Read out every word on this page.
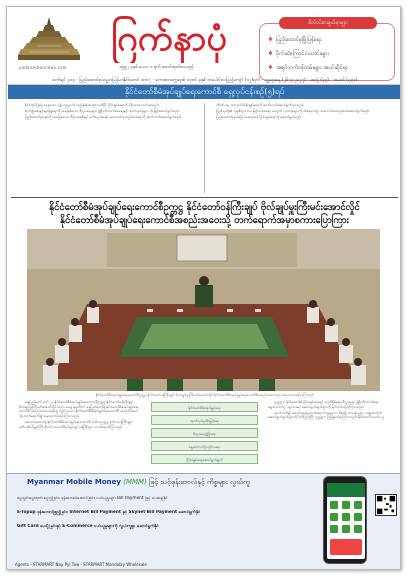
yadanarbonnews.com
ဂြက်နာပုံ
၁၉၉၂ ခုနှစ် မေလ ၁ ရက် စတင်ထုတ်ဝေသည်
စိတ်ဝင်စားဖွယ်ရာများ
❖ ပြည်ထောင်စုမြို့ပြန်ရေး
❖ ပိုက်ဆံကြောင်းသတင်းများ
❖ အရပ်ဘက်ဝန်ထမ်းများ အပင်ဆိုင်ရာ
သင်္ကရင် ၃၁၃ · ပြည်ထောင်စုသမ္မတမြန်မာနိုင်ငံတော် ၁၈၈၇ · ကောဇာသက္ကရာဇ် ၁၃၈၆ ခုနှစ် တပေါင်းလပြည့်ကျော် (၁၂)ရက် · ဗုဒ္ဓဟူးနေ့ (၂၆-၃-၂၀၂၅) · အတွဲ (၃၃) · အမှတ် (၃၃၀)
နိုင်ငံတော်စီမံအုပ်ချုပ်ရေးကောင်စီ ရှေ့လုပ်ငန်းစဉ်(၅)ရပ်

နိုင်ငံတွင်ဖြစ်ပွားနေသော ပဋိပက္ခများကို အမြန်ဆုံးအဆုံးသတ်ပြီး ငြိမ်းချမ်းရေးကို ပိုမိုအားကောင်းစေမည်။

စိုက်ပျိုးရေးနှင့်မွေးမြူရေးကို အခြေခံသော စီးပွားရေးများ ဖွံ့ဖြိုးတိုးတက်စေရေးနှင့် ထုတ်လုပ်မှုများ တိုးမြှင့်ဆောင်ရွက်မည်။

ပြည်ထောင်စုစနစ်ကို အခြေခံသော ဒီမိုကရေစီနှင့် ဖက်ဒရယ်စနစ် အကောင်အထည်ဖော်ရေးကို ဆက်လက်ဆောင်ရွက်မည်။

ကိုဗစ်-၁၉ ကာကွယ်ထိန်းချုပ်ရေးကို ဆက်လက်ဆောင်ရွက်သွားမည်။

ပြည်သူတို့၏ လူမှုစီးပွားဘဝ မြင့်မားစေရေး အတွက် လုပ်ငန်းများကို ထိရောက်စွာ အကောင်အထည်ဖော်ဆောင်ရွက်မည်။

ပြည်ထောင်စုနယ်မြေ အဆင့်ဆင့် ငြိမ်းချမ်းရေးကို ဆောင်ရွက်မည်။

နိုင်ငံတော်စီမံအုပ်ချုပ်ရေးကောင်စီဥက္ကဋ္ဌ နိုင်ငံတော်ဝန်ကြီးချုပ် ဗိုလ်ချုပ်မှူးကြီးမင်းအောင်လှိုင်
နိုင်ငံတော်စီမံအုပ်ချုပ်ရေးကောင်စီအစည်းအဝေးသို့ တက်ရောက်အမှာစကားပြောကြား
နိုင်ငံတော်စီမံအုပ်ချုပ်ရေးကောင်စီဥက္ကဋ္ဌ နိုင်ငံတော်ဝန်ကြီးချုပ် ဗိုလ်ချုပ်မှူးကြီးမင်းအောင်လှိုင် နိုင်ငံတော်စီမံအုပ်ချုပ်ရေးကောင်စီအစည်းအဝေးတွင် အမှာစကားပြောကြားစဉ်

နေပြည်တော် မတ် ၂၅ နိုင်ငံတော်စီမံအုပ်ချုပ်ရေးကောင်စီဥက္ကဋ္ဌ နိုင်ငံတော်ဝန်ကြီးချုပ် ဗိုလ်ချုပ်မှူးကြီးမင်းအောင်လှိုင်သည် ယနေ့ နံနက်ပိုင်း နေပြည်တော်ရှိ နိုင်ငံတော်စီမံအုပ်ချုပ်ရေးကောင်စီ အစည်းအဝေးခန်းမ၌ ကျင်းပသော နိုင်ငံတော်စီမံအုပ်ချုပ်ရေးကောင်စီ အစည်းအဝေးသို့ တက်ရောက်၍ အမှာစကားပြောကြားသည်။

အစည်းအဝေးသို့ နိုင်ငံတော်စီမံအုပ်ချုပ်ရေးကောင်စီ ဒုတိယဥက္ကဋ္ဌ ဒုတိယဝန်ကြီးချုပ် ဒုတိယဗိုလ်ချုပ်ကြီး စိုးဝင်း၊ ကောင်စီဝင်များနှင့် ဝန်ကြီးများ တက်ရောက်ကြသည်။

နိုင်ငံတော်စီမံအုပ်ချုပ်ရေး
ထုတ်လုပ်မှုတိုးမြှင့်ရေး
စီးပွားရေးဖွံ့ဖြိုးရေး
ရွေးကောက်ပွဲကျင်းပရေး
ငြိမ်းချမ်းရေးဆောင်ရွက်ချက်

ဥက္ကဋ္ဌက နိုင်ငံတော်၏ ငြိမ်းချမ်းရေးနှင့် တည်ငြိမ်ရေး၊ စီးပွားရေး ဖွံ့ဖြိုးတိုးတက်ရေး၊ ရွေးကောက်ပွဲ ကျင်းပရေး ဆောင်ရွက်ချက်များကို ရှင်းလင်းပြောကြားသည်။

ဆက်လက်၍ အစည်းအဝေးတက်ရောက်သူများက မိမိတို့ တာဝန်ယူရာ ကဏ္ဍအလိုက် ဆောင်ရွက်ချက်များကို တင်ပြကြပြီး ဥက္ကဋ္ဌက ဖြည့်စွက်မှာကြားသည်။ နိုင်ငံတော်သတင်း ၅

Myanmar Mobile Money (MMM) ဖြင့် သင့်ဖုန်းဘေလ်နှင့် ကိစ္စများ လွယ်ကူ
ငွေသွင်းငွေထုတ် ငွေလွှဲခြင်း၊ ဖုန်းဘေလ်ဆောင်ခြင်း၊ ဝယ်ယူမှုများ Bill Payment ဖြင့် ပေးချေနိုင်
E-Topup ဖုန်းဘေလ်ဖြည့်ခြင်း၊ Internet Bill Payment နှင့် Skynet Bill Payment ဆောင်ရွက်နိုင်
Gift Card ပေးပို့ခြင်းနှင့် E-Commerce ဝယ်ယူမှုများကို လွယ်ကူစွာ ဆောင်ရွက်နိုင်
Agents - STARMART Nay Pyi Taw · STARMART Mandalay Wholesale
